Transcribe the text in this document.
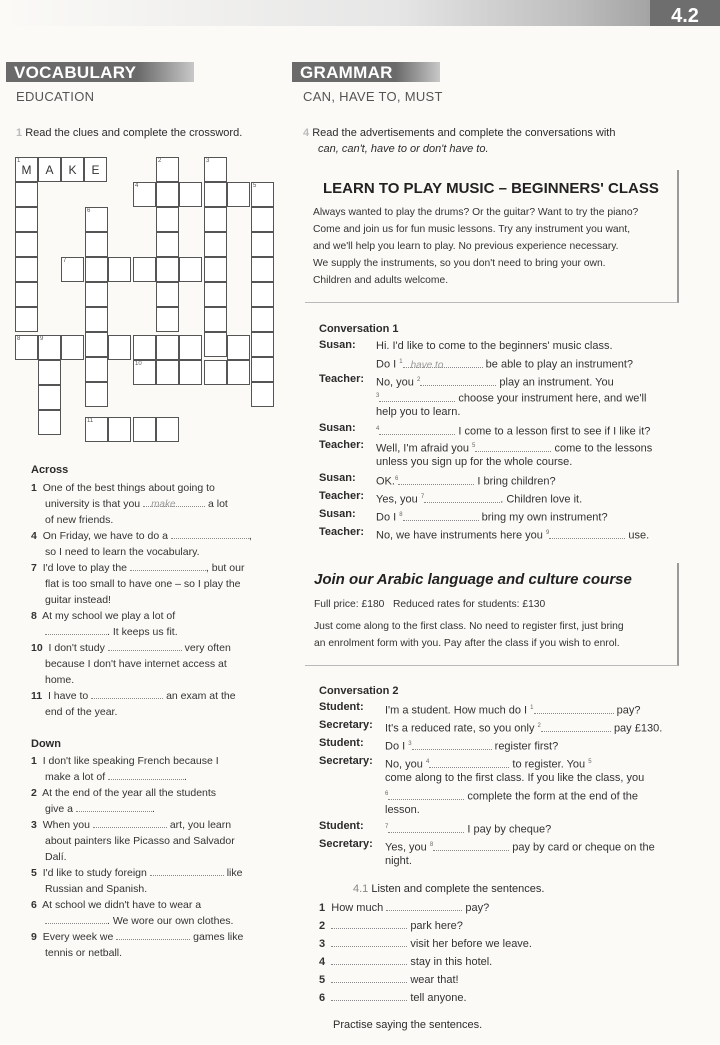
4.2
VOCABULARY
EDUCATION
1 Read the clues and complete the crossword.
1
M	A	K	E
2	3
4	5
6
7
8	9
10
11
Across
1 One of the best things about going to
university is that you make	a lot
of new friends.
4 On Friday, we have to do a	,
so I need to learn the vocabulary.
7 I'd love to play the	, but our
flat is too small to have one – so I play the
guitar instead!
8 At my school we play a lot of
. It keeps us fit.
10 I don't study	very often
because I don't have internet access at
home.
11 I have to	an exam at the
end of the year.
Down
1 I don't like speaking French because I
make a lot of	.
2 At the end of the year all the students
give a	.
3 When you	art, you learn
about painters like Picasso and Salvador
Dalí.
5 I'd like to study foreign	like
Russian and Spanish.
6 At school we didn't have to wear a
. We wore our own clothes.
9 Every week we	games like
tennis or netball.
GRAMMAR
CAN, HAVE TO, MUST
4 Read the advertisements and complete the conversations with
can, can't, have to or don't have to.
LEARN TO PLAY MUSIC – BEGINNERS' CLASS
Always wanted to play the drums? Or the guitar? Want to try the piano?
Come and join us for fun music lessons. Try any instrument you want,
and we'll help you learn to play. No previous experience necessary.
We supply the instruments, so you don't need to bring your own.
Children and adults welcome.
Conversation 1
Susan: Hi. I'd like to come to the beginners' music class.
Do I $^1$ have to	be able to play an instrument?
Teacher: No, you $^2$	play an instrument. You
$^3$	choose your instrument here, and we'll
help you to learn.
Susan:	$^4$	I come to a lesson first to see if I like it?
Teacher: Well, I'm afraid you $^5$	come to the lessons
unless you sign up for the whole course.
Susan: OK.$^6$	I bring children?
Teacher: Yes, you $^7$	. Children love it.
Susan: Do I $^8$	bring my own instrument?
Teacher: No, we have instruments here you $^9$	use.
Join our Arabic language and culture course
Full price: £180 Reduced rates for students: £130
Just come along to the first class. No need to register first, just bring
an enrolment form with you. Pay after the class if you wish to enrol.
Conversation 2
Student: I'm a student. How much do I $^1$	pay?
Secretary: It's a reduced rate, so you only $^2$	pay £130.
Student: Do I $^3$	register first?
Secretary: No, you $^4$	to register. You $^5$
come along to the first class. If you like the class, you
$^6$	complete the form at the end of the
lesson.
Student:	$^7$	I pay by cheque?
Secretary: Yes, you $^8$	pay by card or cheque on the
night.
4.1 Listen and complete the sentences.
1 How much	pay?
2	park here?
3	visit her before we leave.
4	stay in this hotel.
5	wear that!
6	tell anyone.
Practise saying the sentences.
